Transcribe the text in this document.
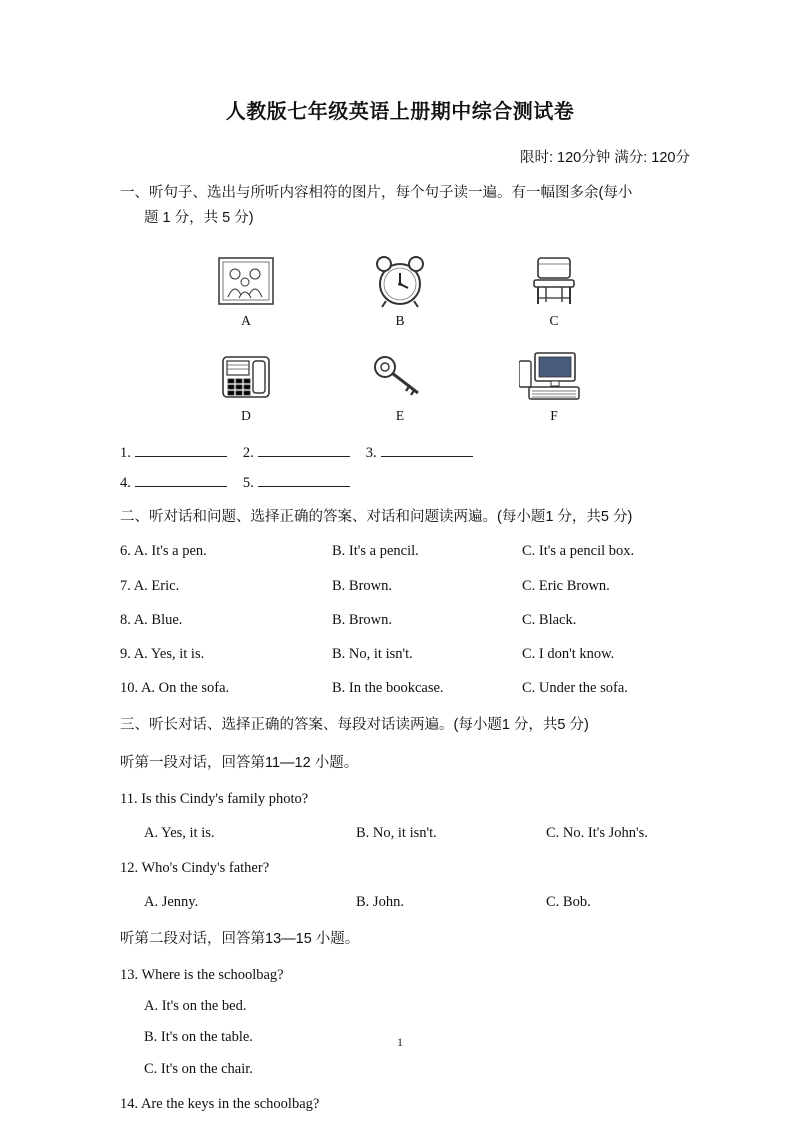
人教版七年级英语上册期中综合测试卷
限时: 120分钟 满分: 120分
一、听句子、选出与所听内容相符的图片，每个句子读一遍。有一幅图多余(每小
题 1 分，共 5 分)
A	B	C
D	E	F
1.	2.	3.
4.	5.
二、听对话和问题、选择正确的答案、对话和问题读两遍。(每小题1 分，共5 分)
6. A. It's a pen.	B. It's a pencil.	C. It's a pencil box.
7. A. Eric.	B. Brown.	C. Eric Brown.
8. A. Blue.	B. Brown.	C. Black.
9. A. Yes, it is.	B. No, it isn't.	C. I don't know.
10. A. On the sofa.	B. In the bookcase.	C. Under the sofa.
三、听长对话、选择正确的答案、每段对话读两遍。(每小题1 分，共5 分)
听第一段对话，回答第11—12 小题。
11. Is this Cindy's family photo?
A. Yes, it is.	B. No, it isn't.	C. No. It's John's.
12. Who's Cindy's father?
A. Jenny.	B. John.	C. Bob.
听第二段对话，回答第13—15 小题。
13. Where is the schoolbag?
A. It's on the bed.
B. It's on the table.
C. It's on the chair.
14. Are the keys in the schoolbag?
1
